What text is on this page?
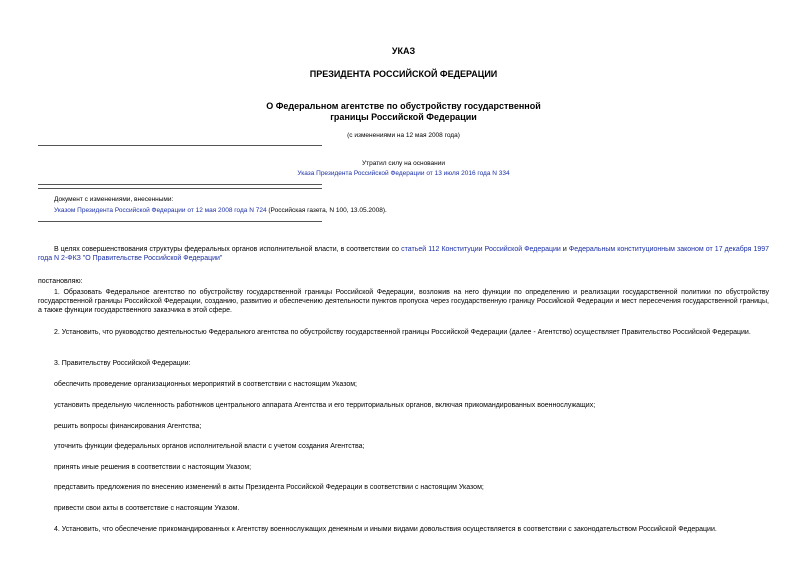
УКАЗ
ПРЕЗИДЕНТА РОССИЙСКОЙ ФЕДЕРАЦИИ
О Федеральном агентстве по обустройству государственной
границы Российской Федерации
(с изменениями на 12 мая 2008 года)
Утратил силу на основании
Указа Президента Российской Федерации от 13 июля 2016 года N 334
Документ с изменениями, внесенными:
Указом Президента Российской Федерации от 12 мая 2008 года N 724 (Российская газета, N 100, 13.05.2008).
В целях совершенствования структуры федеральных органов исполнительной власти, в соответствии со статьей 112 Конституции Российской Федерации и Федеральным конституционным законом от 17 декабря 1997 года N 2-ФКЗ "О Правительстве Российской Федерации"
постановляю:
1. Образовать Федеральное агентство по обустройству государственной границы Российской Федерации, возложив на него функции по определению и реализации государственной политики по обустройству государственной границы Российской Федерации, созданию, развитию и обеспечению деятельности пунктов пропуска через государственную границу Российской Федерации и мест пересечения государственной границы, а также функции государственного заказчика в этой сфере.
2. Установить, что руководство деятельностью Федерального агентства по обустройству государственной границы Российской Федерации (далее - Агентство) осуществляет Правительство Российской Федерации.
3. Правительству Российской Федерации:
обеспечить проведение организационных мероприятий в соответствии с настоящим Указом;
установить предельную численность работников центрального аппарата Агентства и его территориальных органов, включая прикомандированных военнослужащих;
решить вопросы финансирования Агентства;
уточнить функции федеральных органов исполнительной власти с учетом создания Агентства;
принять иные решения в соответствии с настоящим Указом;
представить предложения по внесению изменений в акты Президента Российской Федерации в соответствии с настоящим Указом;
привести свои акты в соответствие с настоящим Указом.
4. Установить, что обеспечение прикомандированных к Агентству военнослужащих денежным и иными видами довольствия осуществляется в соответствии с законодательством Российской Федерации.
